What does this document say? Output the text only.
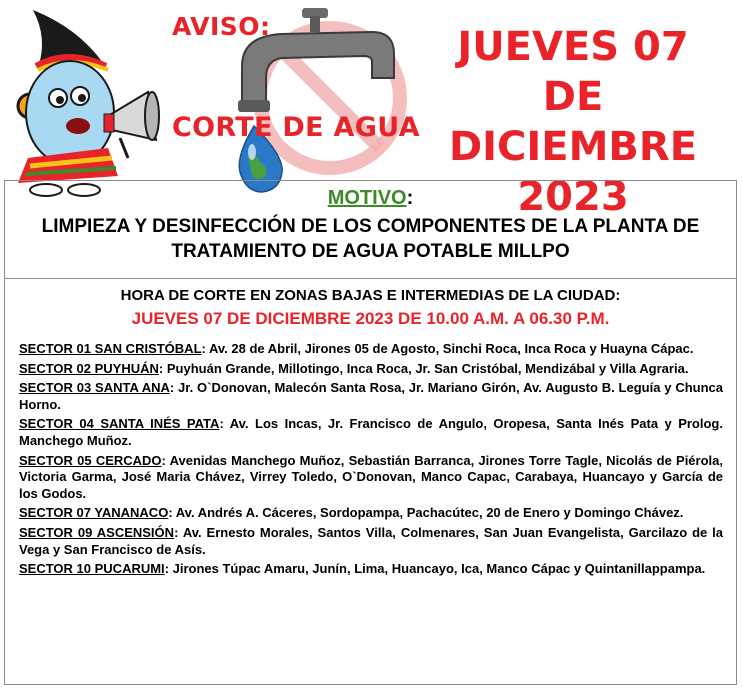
AVISO:
CORTE DE AGUA
JUEVES 07 DE
DICIEMBRE
2023
MOTIVO:
LIMPIEZA Y DESINFECCIÓN DE LOS COMPONENTES DE LA PLANTA DE
TRATAMIENTO DE AGUA POTABLE MILLPO
HORA DE CORTE EN ZONAS BAJAS E INTERMEDIAS DE LA CIUDAD:
JUEVES 07 DE DICIEMBRE 2023 DE 10.00 A.M. A 06.30 P.M.
SECTOR 01 SAN CRISTÓBAL: Av. 28 de Abril, Jirones 05 de Agosto, Sinchi Roca, Inca Roca y Huayna Cápac.
SECTOR 02 PUYHUÁN: Puyhuán Grande, Millotingo, Inca Roca, Jr. San Cristóbal, Mendizábal y Villa Agraria.
SECTOR 03 SANTA ANA: Jr. O`Donovan, Malecón Santa Rosa, Jr. Mariano Girón, Av. Augusto B. Leguía y Chunca Horno.
SECTOR 04 SANTA INÉS PATA: Av. Los Incas, Jr. Francisco de Angulo, Oropesa, Santa Inés Pata y Prolog. Manchego Muñoz.
SECTOR 05 CERCADO: Avenidas Manchego Muñoz, Sebastián Barranca, Jirones Torre Tagle, Nicolás de Piérola, Victoria Garma, José Maria Chávez, Virrey Toledo, O`Donovan, Manco Capac, Carabaya, Huancayo y García de los Godos.
SECTOR 07 YANANACO: Av. Andrés A. Cáceres, Sordopampa, Pachacútec, 20 de Enero y Domingo Chávez.
SECTOR 09 ASCENSIÓN: Av. Ernesto Morales, Santos Villa, Colmenares, San Juan Evangelista, Garcilazo de la Vega y San Francisco de Asís.
SECTOR 10 PUCARUMI: Jirones Túpac Amaru, Junín, Lima, Huancayo, Ica, Manco Cápac y Quintanillappampa.
